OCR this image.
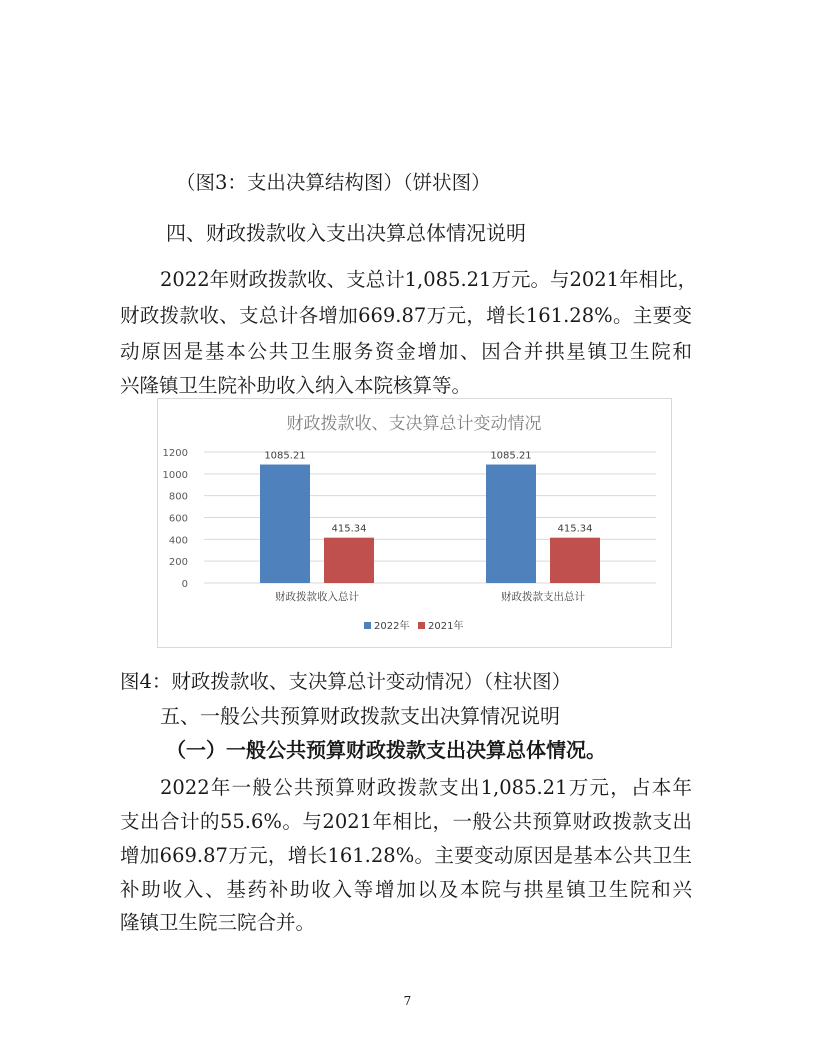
（图3：支出决算结构图）（饼状图）
四、财政拨款收入支出决算总体情况说明
2022年财政拨款收、支总计1,085.21万元。与2021年相比，
财政拨款收、支总计各增加669.87万元，增长161.28%。主要变
动原因是基本公共卫生服务资金增加、因合并拱星镇卫生院和
兴隆镇卫生院补助收入纳入本院核算等。
财政拨款收、支决算总计变动情况
0
200
400
600
800
1000
1200	1085.21
415.34
1085.21
415.34
财政拨款收入总计	财政拨款支出总计
2022年 2021年
图4：财政拨款收、支决算总计变动情况）（柱状图）
五、一般公共预算财政拨款支出决算情况说明
（一）一般公共预算财政拨款支出决算总体情况。
2022年一般公共预算财政拨款支出1,085.21万元，占本年
支出合计的55.6%。与2021年相比，一般公共预算财政拨款支出
增加669.87万元，增长161.28%。主要变动原因是基本公共卫生
补助收入、基药补助收入等增加以及本院与拱星镇卫生院和兴
隆镇卫生院三院合并。
7
